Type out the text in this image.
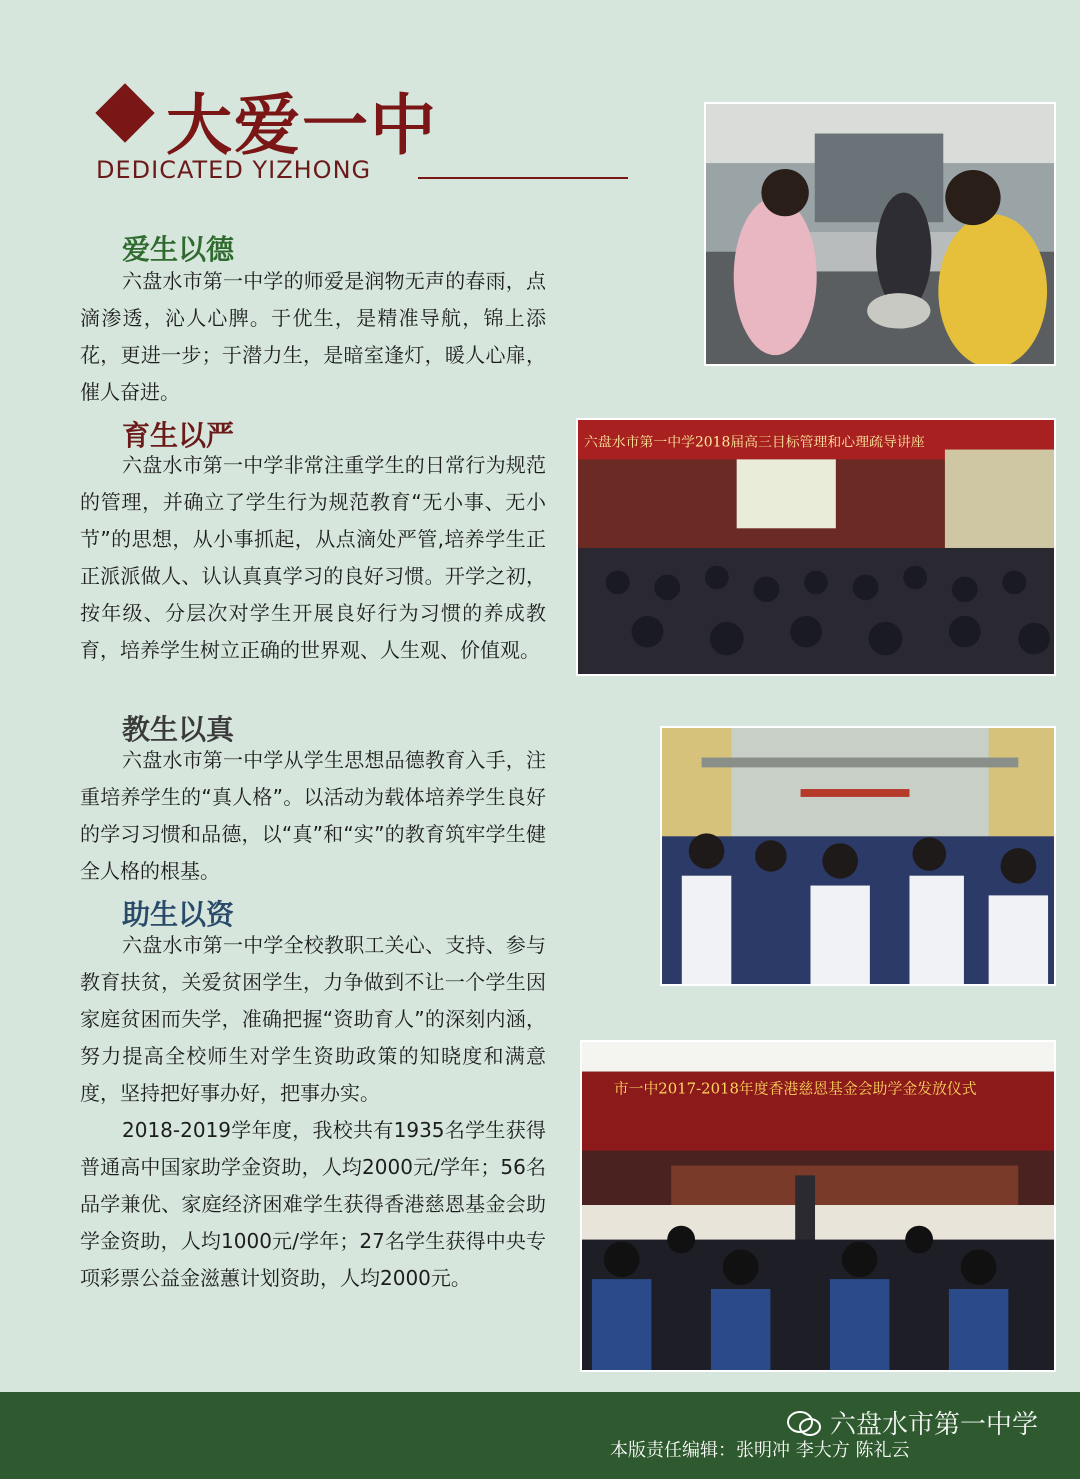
大爱一中
DEDICATED YIZHONG
爱生以德

六盘水市第一中学的师爱是润物无声的春雨，点滴渗透，沁人心脾。于优生，是精准导航，锦上添花，更进一步；于潜力生，是暗室逢灯，暖人心扉，催人奋进。

育生以严

六盘水市第一中学非常注重学生的日常行为规范的管理，并确立了学生行为规范教育“无小事、无小节”的思想，从小事抓起，从点滴处严管,培养学生正正派派做人、认认真真学习的良好习惯。开学之初，按年级、分层次对学生开展良好行为习惯的养成教育，培养学生树立正确的世界观、人生观、价值观。

教生以真

六盘水市第一中学从学生思想品德教育入手，注重培养学生的“真人格”。以活动为载体培养学生良好的学习习惯和品德，以“真”和“实”的教育筑牢学生健全人格的根基。

助生以资

六盘水市第一中学全校教职工关心、支持、参与教育扶贫，关爱贫困学生，力争做到不让一个学生因家庭贫困而失学，准确把握“资助育人”的深刻内涵，努力提高全校师生对学生资助政策的知晓度和满意度，坚持把好事办好，把事办实。

2018-2019学年度，我校共有1935名学生获得普通高中国家助学金资助，人均2000元/学年；56名品学兼优、家庭经济困难学生获得香港慈恩基金会助学金资助，人均1000元/学年；27名学生获得中央专项彩票公益金滋蕙计划资助，人均2000元。

六盘水市第一中学2018届高三目标管理和心理疏导讲座
市一中2017-2018年度香港慈恩基金会助学金发放仪式
六盘水市第一中学
本版责任编辑：张明冲 李大方 陈礼云
